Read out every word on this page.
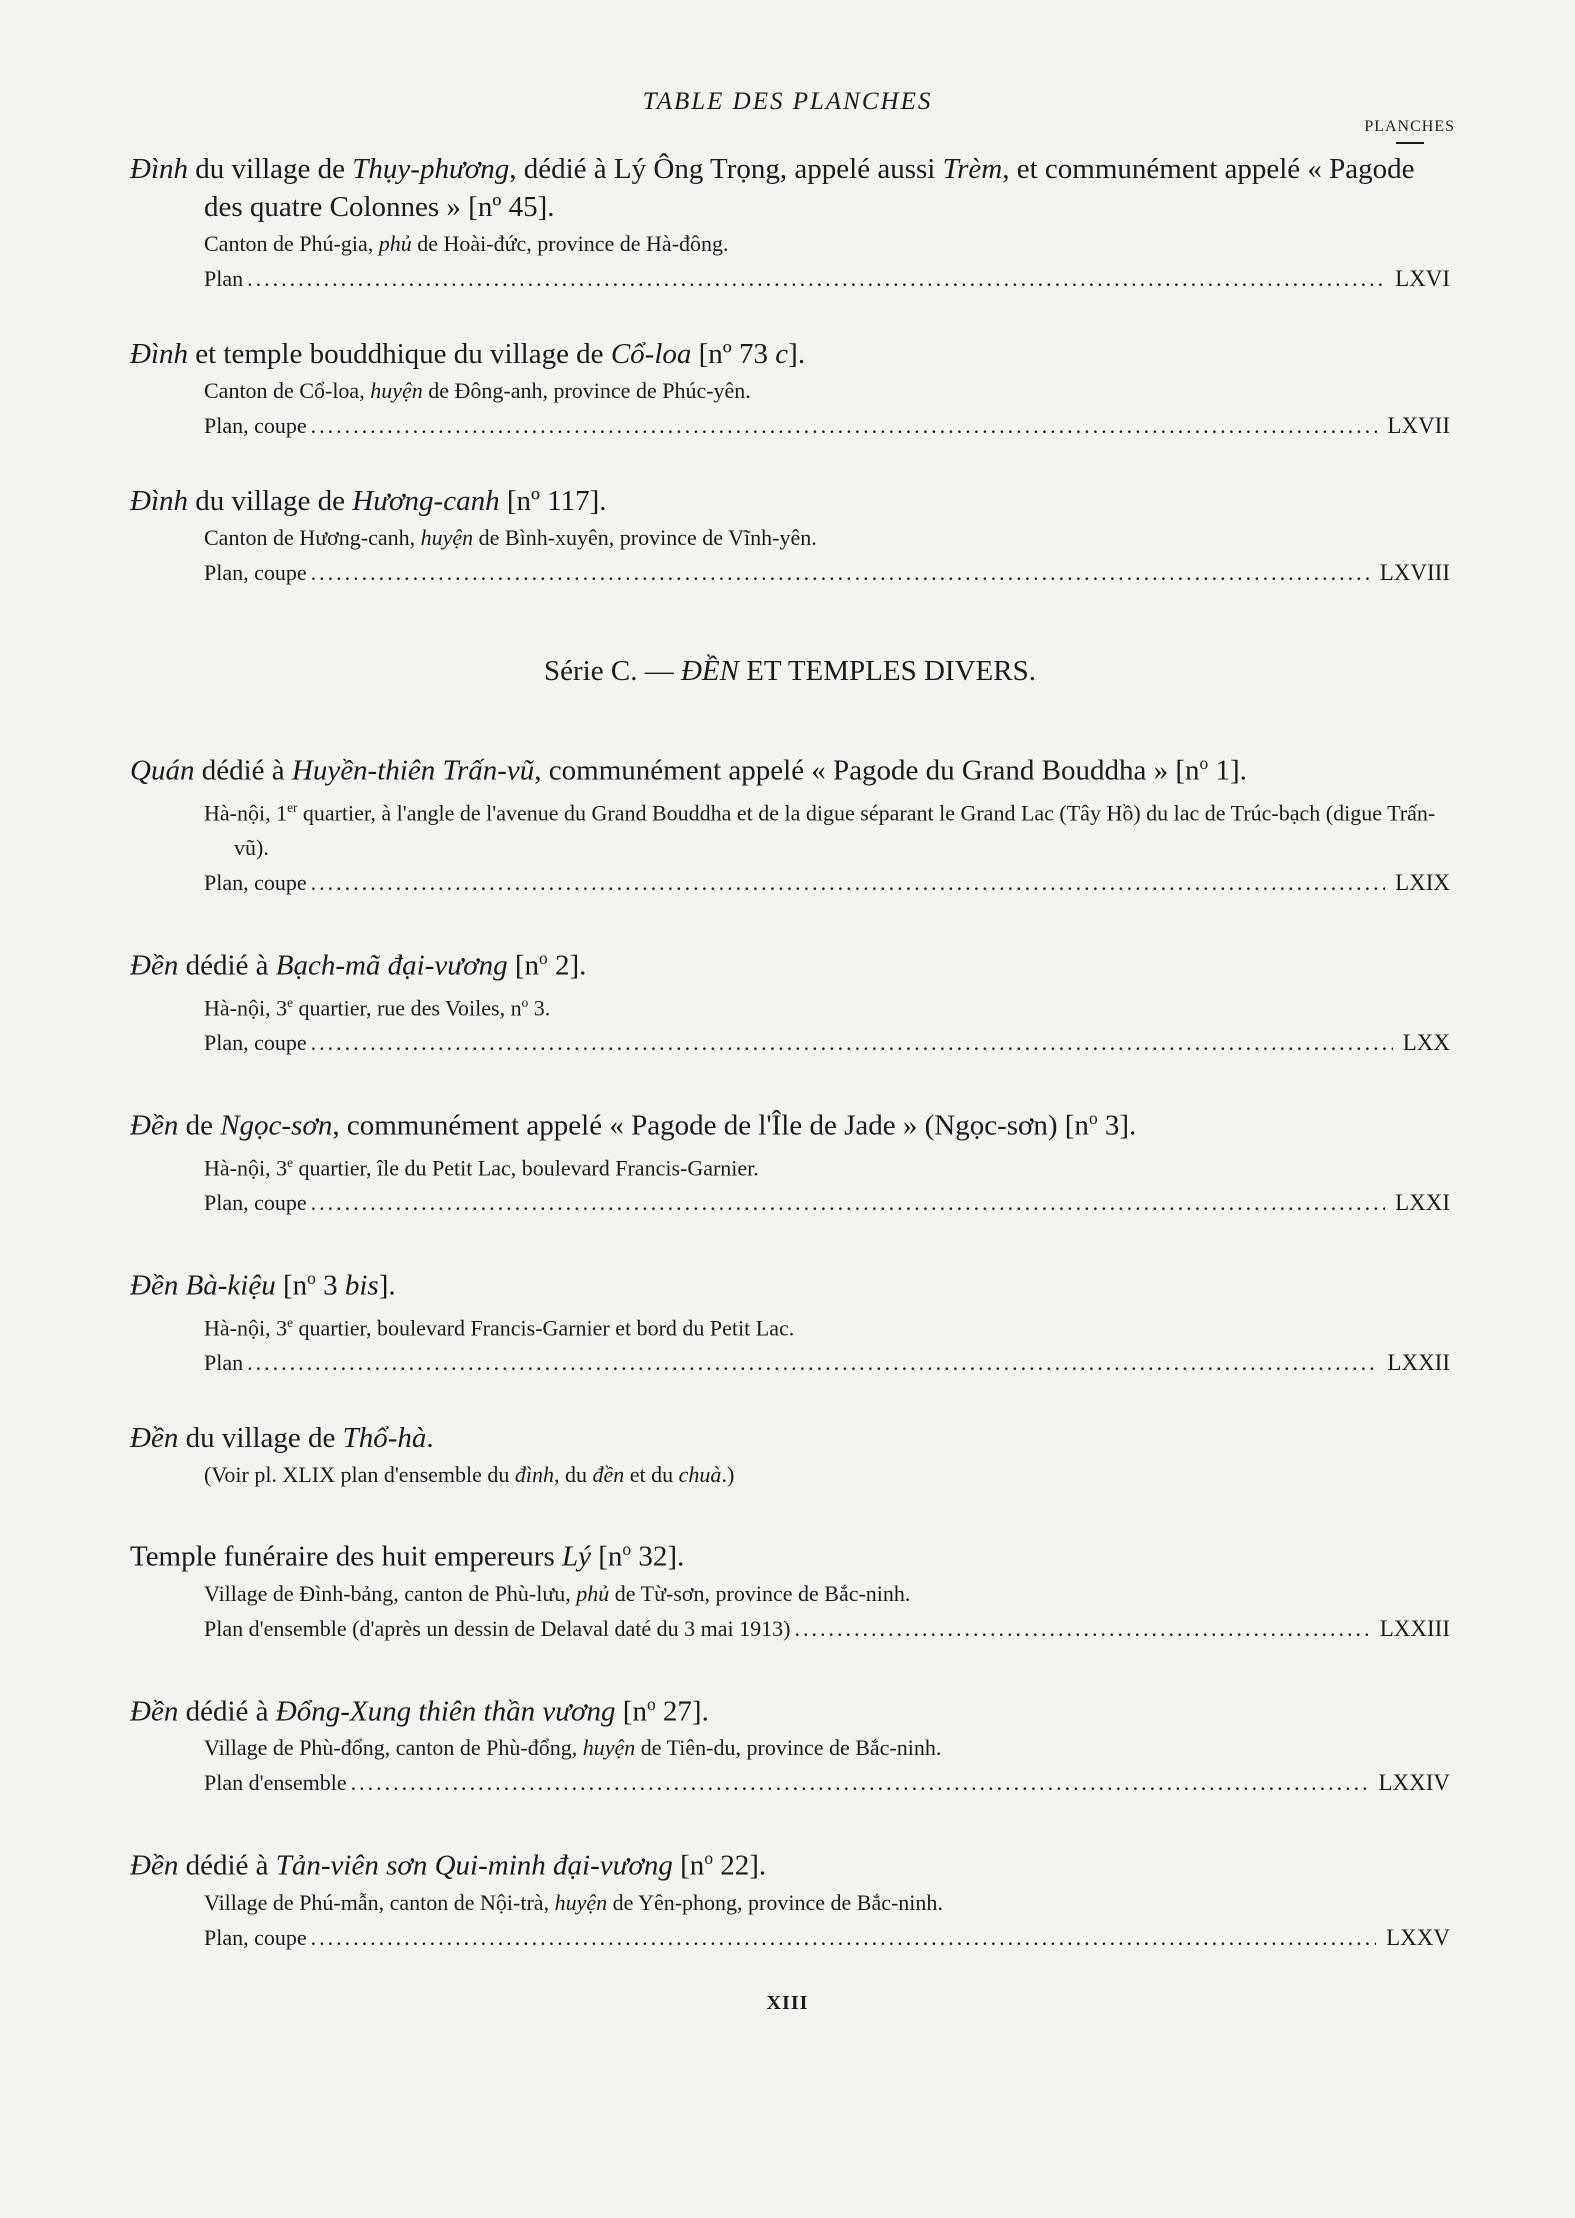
TABLE DES PLANCHES
PLANCHES
Đình du village de Thụy-phương, dédié à Lý Ông Trọng, appelé aussi Trèm, et communément appelé « Pagode des quatre Colonnes » [nº 45].
Canton de Phú-gia, phủ de Hoài-đức, province de Hà-đông.
Plan .....	LXVI
Đình et temple bouddhique du village de Cổ-loa [nº 73 c].
Canton de Cổ-loa, huyện de Đông-anh, province de Phúc-yên.
Plan, coupe .....	LXVII
Đình du village de Hương-canh [nº 117].
Canton de Hương-canh, huyện de Bình-xuyên, province de Vĩnh-yên.
Plan, coupe .....	LXVIII
Série C. — ĐỀN ET TEMPLES DIVERS.
Quán dédié à Huyền-thiên Trấn-vũ, communément appelé « Pagode du Grand Bouddha » [$n^o$ 1].
Hà-nội, 1er quartier, à l'angle de l'avenue du Grand Bouddha et de la digue séparant le Grand Lac (Tây Hồ) du lac de Trúc-bạch (digue Trấn-vũ).
Plan, coupe .....	LXIX
Đền dédié à Bạch-mã đại-vương [$n^o$ 2].
Hà-nội, 3e quartier, rue des Voiles, $n^o$ 3.
Plan, coupe .....	LXX
Đền de Ngọc-sơn, communément appelé « Pagode de l'Île de Jade » (Ngọc-sơn) [$n^o$ 3].
Hà-nội, 3e quartier, île du Petit Lac, boulevard Francis-Garnier.
Plan, coupe .....	LXXI
Đền Bà-kiệu [$n^o$ 3 bis].
Hà-nội, 3e quartier, boulevard Francis-Garnier et bord du Petit Lac.
Plan .....	LXXII
Đền du village de Thổ-hà.
(Voir pl. XLIX plan d'ensemble du đình, du đền et du chuà.)
Temple funéraire des huit empereurs Lý [$n^o$ 32].
Village de Đình-bảng, canton de Phù-lưu, phủ de Từ-sơn, province de Bắc-ninh.
Plan d'ensemble (d'après un dessin de Delaval daté du 3 mai 1913) .....	LXXIII
Đền dédié à Đổng-Xung thiên thần vương [$n^o$ 27].
Village de Phù-đổng, canton de Phù-đổng, huyện de Tiên-du, province de Bắc-ninh.
Plan d'ensemble .....	LXXIV
Đền dédié à Tản-viên sơn Qui-minh đại-vương [$n^o$ 22].
Village de Phú-mẫn, canton de Nội-trà, huyện de Yên-phong, province de Bắc-ninh.
Plan, coupe .....	LXXV
XIII
